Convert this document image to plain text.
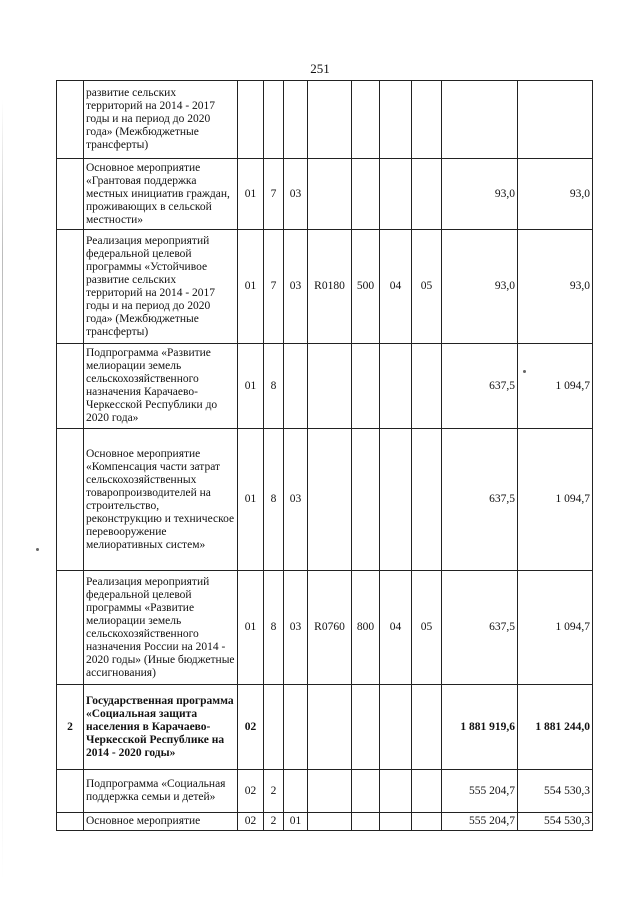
251
	развитие сельских территорий на 2014 - 2017 годы и на период до 2020 года» (Межбюджетные трансферты)									
	Основное мероприятие «Грантовая поддержка местных инициатив граждан, проживающих в сельской местности»	01	7	03					93,0	93,0
	Реализация мероприятий федеральной целевой программы «Устойчивое развитие сельских территорий на 2014 - 2017 годы и на период до 2020 года» (Межбюджетные трансферты)	01	7	03	R0180	500	04	05	93,0	93,0
	Подпрограмма «Развитие мелиорации земель сельскохозяйственного назначения Карачаево-Черкесской Республики до 2020 года»	01	8						637,5	1 094,7
	Основное мероприятие «Компенсация части затрат сельскохозяйственных товаропроизводителей на строительство, реконструкцию и техническое перевооружение мелиоративных систем»	01	8	03					637,5	1 094,7
	Реализация мероприятий федеральной целевой программы «Развитие мелиорации земель сельскохозяйственного назначения России на 2014 - 2020 годы» (Иные бюджетные ассигнования)	01	8	03	R0760	800	04	05	637,5	1 094,7
2	Государственная программа «Социальная защита населения в Карачаево-Черкесской Республике на 2014 - 2020 годы»	02							1 881 919,6	1 881 244,0
	Подпрограмма «Социальная поддержка семьи и детей»	02	2						555 204,7	554 530,3
	Основное мероприятие	02	2	01					555 204,7	554 530,3
